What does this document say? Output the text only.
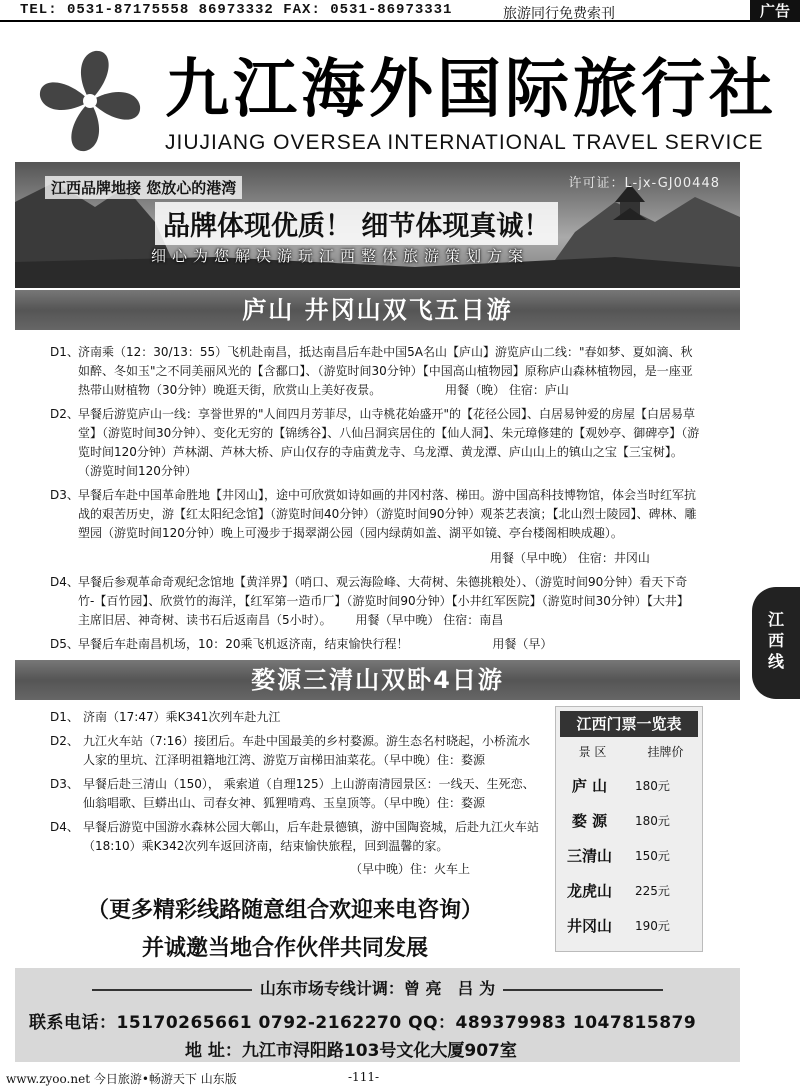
TEL: 0531-87175558 86973332 FAX: 0531-86973331	旅游同行免费索刊	广告
九江海外国际旅行社
JIUJIANG OVERSEA INTERNATIONAL TRAVEL SERVICE
江西品牌地接 您放心的港湾	许可证：L-jx-GJ00448
品牌体现优质！ 细节体现真诚！
细心为您解决游玩江西整体旅游策划方案
庐山 井冈山双飞五日游
D1、 济南乘（12：30/13：55）飞机赴南昌，抵达南昌后车赴中国5A名山【庐山】游览庐山二线："春如梦、夏如滴、秋如醉、冬如玉"之不同美丽风光的【含鄱口】、（游览时间30分钟）【中国高山植物园】原称庐山森林植物园，是一座亚热带山财植物（30分钟）晚逛天街，欣赏山上美好夜景。	用餐（晚） 住宿：庐山
D2、 早餐后游览庐山一线：享誉世界的"人间四月芳菲尽，山寺桃花始盛开"的【花径公园】、白居易钟爱的房屋【白居易草堂】（游览时间30分钟）、变化无穷的【锦绣谷】、八仙吕洞宾居住的【仙人洞】、朱元璋修建的【观妙亭、御碑亭】（游览时间120分钟）芦林湖、芦林大桥、庐山仅存的寺庙黄龙寺、乌龙潭、黄龙潭、庐山山上的镇山之宝【三宝树】。（游览时间120分钟）
D3、 早餐后车赴中国革命胜地【井冈山】，途中可欣赏如诗如画的井冈村落、梯田。游中国高科技博物馆，体会当时红军抗战的艰苦历史，游【红太阳纪念馆】（游览时间40分钟）（游览时间90分钟）观茶艺表演；【北山烈士陵园】、碑林、雕塑园（游览时间120分钟）晚上可漫步于揭翠湖公园（园内绿荫如盖、湖平如镜、亭台楼阁相映成趣）。
用餐（早中晚） 住宿：井冈山
D4、 早餐后参观革命奇观纪念馆地【黄洋界】（哨口、观云海险峰、大荷树、朱德挑粮处）、（游览时间90分钟）看天下奇竹-【百竹园】、欣赏竹的海洋，【红军第一造币厂】（游览时间90分钟）【小井红军医院】（游览时间30分钟）【大井】主席旧居、神奇树、读书石后返南昌（5小时）。 用餐（早中晚） 住宿：南昌
D5、 早餐后车赴南昌机场，10：20乘飞机返济南，结束愉快行程！	用餐（早）
江西线
婺源三清山双卧4日游
D1、 济南（17:47）乘K341次列车赴九江
D2、 九江火车站（7:16）接团后。车赴中国最美的乡村婺源。游生态名村晓起，小桥流水人家的里坑、江泽明祖籍地江湾、游览万亩梯田油菜花。（早中晚）住：婺源
D3、 早餐后赴三清山（150）， 乘索道（自理125）上山游南清园景区：一线天、生死恋、仙翁唱歌、巨蟒出山、司春女神、狐狸啃鸡、玉皇顶等。（早中晚）住：婺源
D4、 早餐后游览中国游水森林公园大鄣山，后车赴景德镇，游中国陶瓷城，后赴九江火车站（18:10）乘K342次列车返回济南，结束愉快旅程，回到温馨的家。
（早中晚）住：火车上
江西门票一览表
景 区	挂牌价
庐 山	180元
婺 源	180元
三清山	150元
龙虎山	225元
井冈山	190元
（更多精彩线路随意组合欢迎来电咨询）
并诚邀当地合作伙伴共同发展
山东市场专线计调：曾 亮　吕 为
联系电话：15170265661 0792-2162270 QQ：489379983 1047815879
地 址：九江市浔阳路103号文化大厦907室
www.zyoo.net 今日旅游•畅游天下 山东版	-111-
